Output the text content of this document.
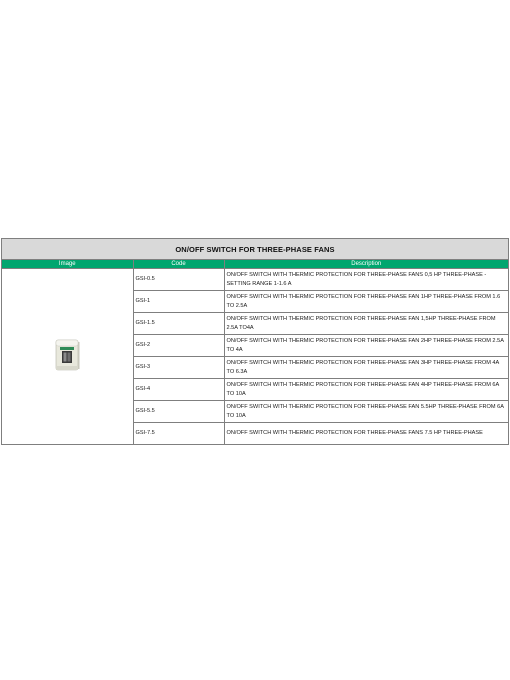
ON/OFF SWITCH FOR THREE-PHASE FANS
Image	Code	Description
	GSI-0.5	ON/OFF SWITCH WITH THERMIC PROTECTION FOR THREE-PHASE FANS 0,5 HP THREE-PHASE - SETTING RANGE 1-1.6 A
	GSI-1	ON/OFF SWITCH WITH THERMIC PROTECTION FOR THREE-PHASE FAN 1HP THREE-PHASE FROM 1.6 TO 2.5A
	GSI-1.5	ON/OFF SWITCH WITH THERMIC PROTECTION FOR THREE-PHASE FAN 1,5HP THREE-PHASE FROM 2.5A TO4A
	GSI-2	ON/OFF SWITCH WITH THERMIC PROTECTION FOR THREE-PHASE FAN 2HP THREE-PHASE FROM 2.5A TO 4A
	GSI-3	ON/OFF SWITCH WITH THERMIC PROTECTION FOR THREE-PHASE FAN 3HP THREE-PHASE FROM 4A TO 6.3A
	GSI-4	ON/OFF SWITCH WITH THERMIC PROTECTION FOR THREE-PHASE FAN 4HP THREE-PHASE FROM 6A TO 10A
	GSI-5.5	ON/OFF SWITCH WITH THERMIC PROTECTION FOR THREE-PHASE FAN 5.5HP THREE-PHASE FROM 6A TO 10A
	GSI-7.5	ON/OFF SWITCH WITH THERMIC PROTECTION FOR THREE-PHASE FANS 7.5 HP THREE-PHASE
